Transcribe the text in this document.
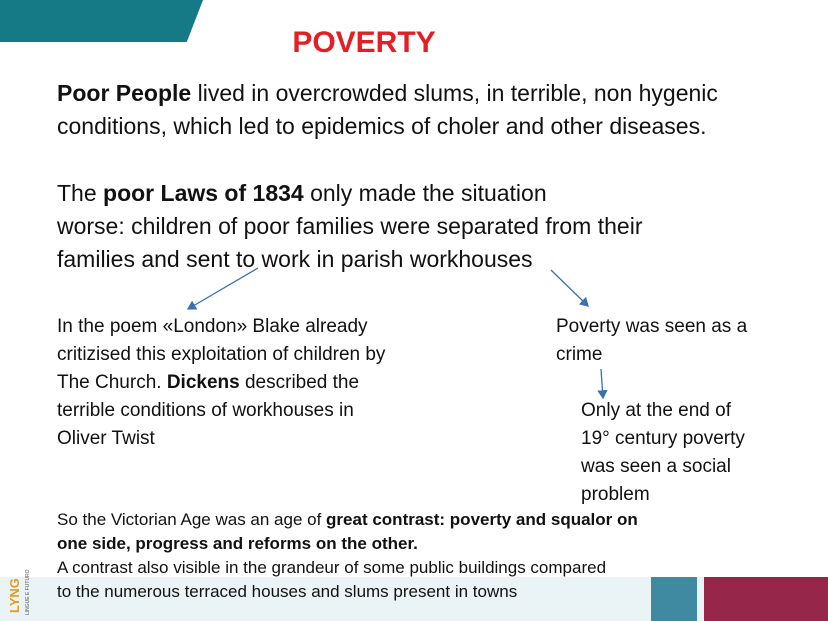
POVERTY
Poor People lived in overcrowded slums, in terrible, non hygenic
conditions, which led to epidemics of choler and other diseases.
The poor Laws of 1834 only made the situation
worse: children of poor families were separated from their
families and sent to work in parish workhouses
In the poem «London» Blake already
critizised this exploitation of children by
The Church. Dickens described the
terrible conditions of workhouses in
Oliver Twist
Poverty was seen as a
crime
Only at the end of
19° century poverty
was seen a social
problem
So the Victorian Age was an age of great contrast: poverty and squalor on
one side, progress and reforms on the other.
A contrast also visible in the grandeur of some public buildings compared
to the numerous terraced houses and slums present in towns
LYNG LINGUE E FUTURO
